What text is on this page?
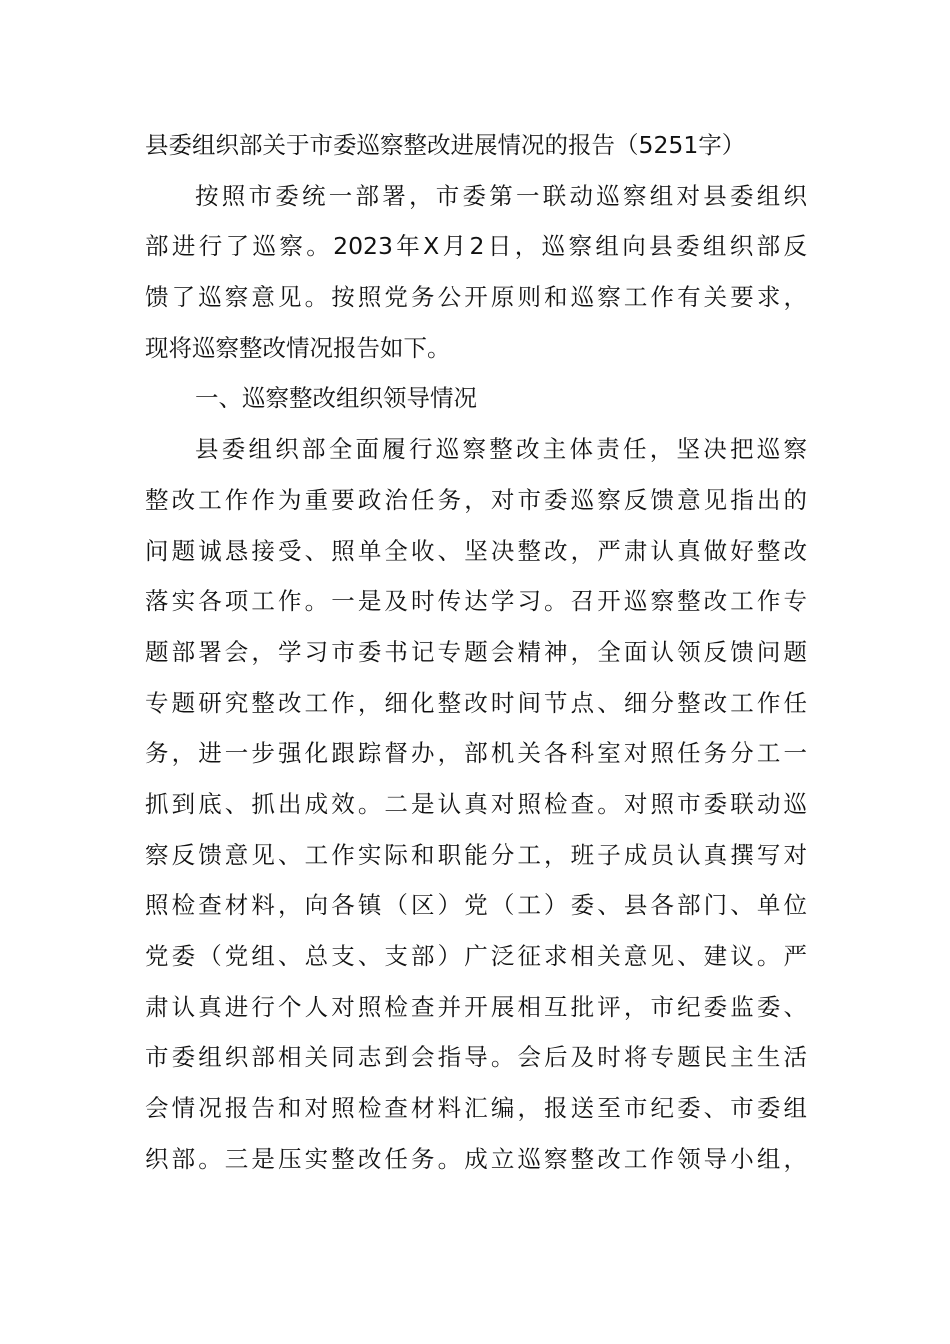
县委组织部关于市委巡察整改进展情况的报告（5251字）
按照市委统一部署，市委第一联动巡察组对县委组织
部进行了巡察。2023年X月2日，巡察组向县委组织部反
馈了巡察意见。按照党务公开原则和巡察工作有关要求，
现将巡察整改情况报告如下。
一、巡察整改组织领导情况
县委组织部全面履行巡察整改主体责任，坚决把巡察
整改工作作为重要政治任务，对市委巡察反馈意见指出的
问题诚恳接受、照单全收、坚决整改，严肃认真做好整改
落实各项工作。一是及时传达学习。召开巡察整改工作专
题部署会，学习市委书记专题会精神，全面认领反馈问题
专题研究整改工作，细化整改时间节点、细分整改工作任
务，进一步强化跟踪督办，部机关各科室对照任务分工一
抓到底、抓出成效。二是认真对照检查。对照市委联动巡
察反馈意见、工作实际和职能分工，班子成员认真撰写对
照检查材料，向各镇（区）党（工）委、县各部门、单位
党委（党组、总支、支部）广泛征求相关意见、建议。严
肃认真进行个人对照检查并开展相互批评，市纪委监委、
市委组织部相关同志到会指导。会后及时将专题民主生活
会情况报告和对照检查材料汇编，报送至市纪委、市委组
织部。三是压实整改任务。成立巡察整改工作领导小组，
